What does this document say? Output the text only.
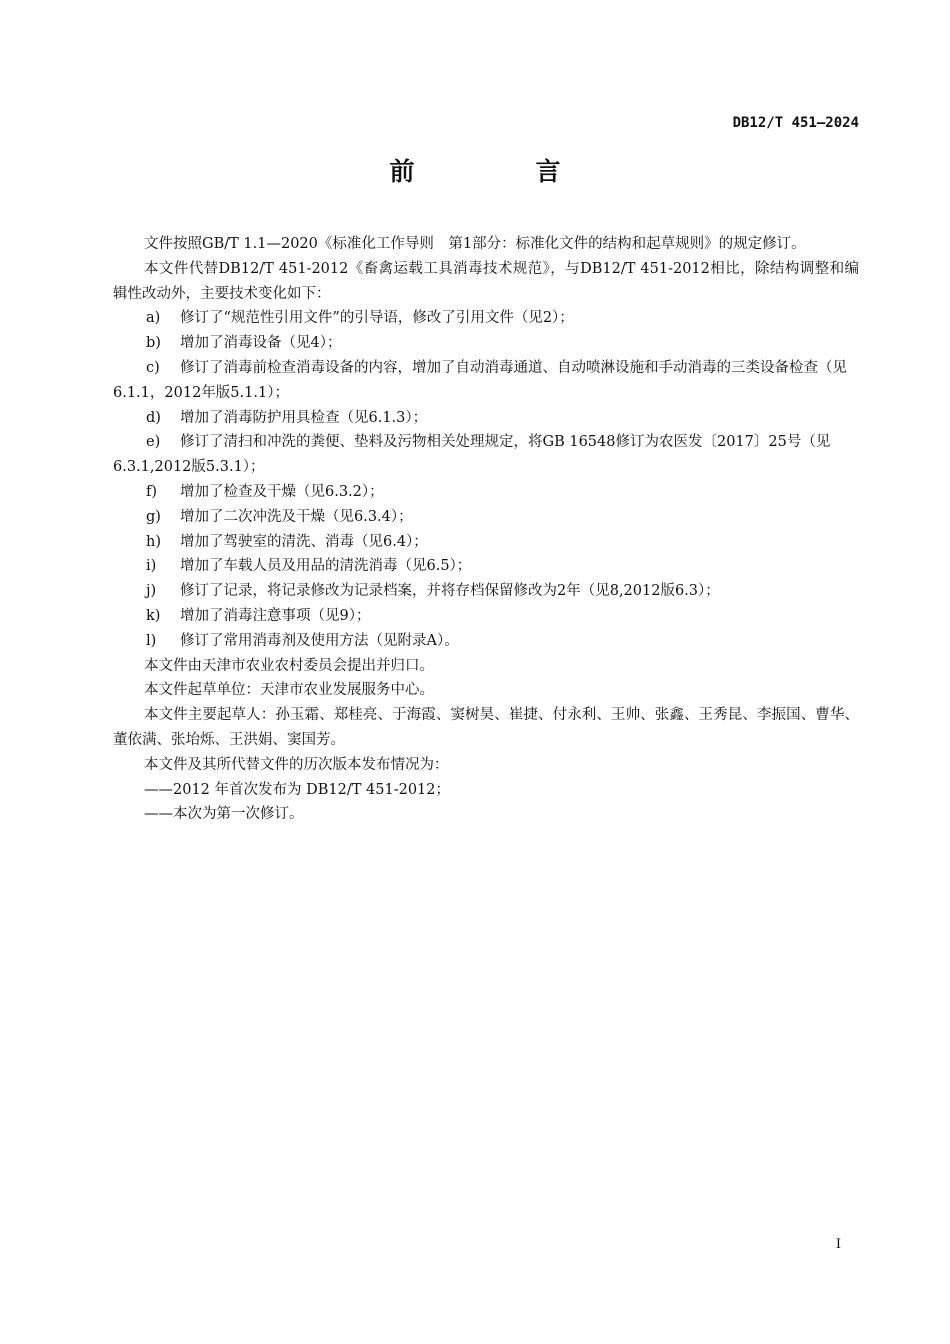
DB12/T 451—2024
前　言

文件按照GB/T 1.1—2020《标准化工作导则　第1部分：标准化文件的结构和起草规则》的规定修订。

本文件代替DB12/T 451-2012《畜禽运载工具消毒技术规范》，与DB12/T 451-2012相比，除结构调整和编辑性改动外，主要技术变化如下：

a)	修订了“规范性引用文件”的引导语，修改了引用文件（见2）；
b)	增加了消毒设备（见4）；
c) 修订了消毒前检查消毒设备的内容，增加了自动消毒通道、自动喷淋设施和手动消毒的三类设备检查（见6.1.1，2012年版5.1.1）；
d)	增加了消毒防护用具检查（见6.1.3）；
e) 修订了清扫和冲洗的粪便、垫料及污物相关处理规定，将GB 16548修订为农医发〔2017〕25号（见6.3.1,2012版5.3.1）；
f)	增加了检查及干燥（见6.3.2）；
g)	增加了二次冲洗及干燥（见6.3.4）；
h)	增加了驾驶室的清洗、消毒（见6.4）；
i)	增加了车载人员及用品的清洗消毒（见6.5）；
j)	修订了记录，将记录修改为记录档案，并将存档保留修改为2年（见8,2012版6.3）；
k)	增加了消毒注意事项（见9）；
l)	修订了常用消毒剂及使用方法（见附录A）。

本文件由天津市农业农村委员会提出并归口。

本文件起草单位：天津市农业发展服务中心。

本文件主要起草人：孙玉霜、郑桂亮、于海霞、窦树昊、崔捷、付永利、王帅、张鑫、王秀昆、李振国、曹华、董依满、张坮烁、王洪娟、窦国芳。

本文件及其所代替文件的历次版本发布情况为：

——2012 年首次发布为 DB12/T 451-2012；

——本次为第一次修订。

I
